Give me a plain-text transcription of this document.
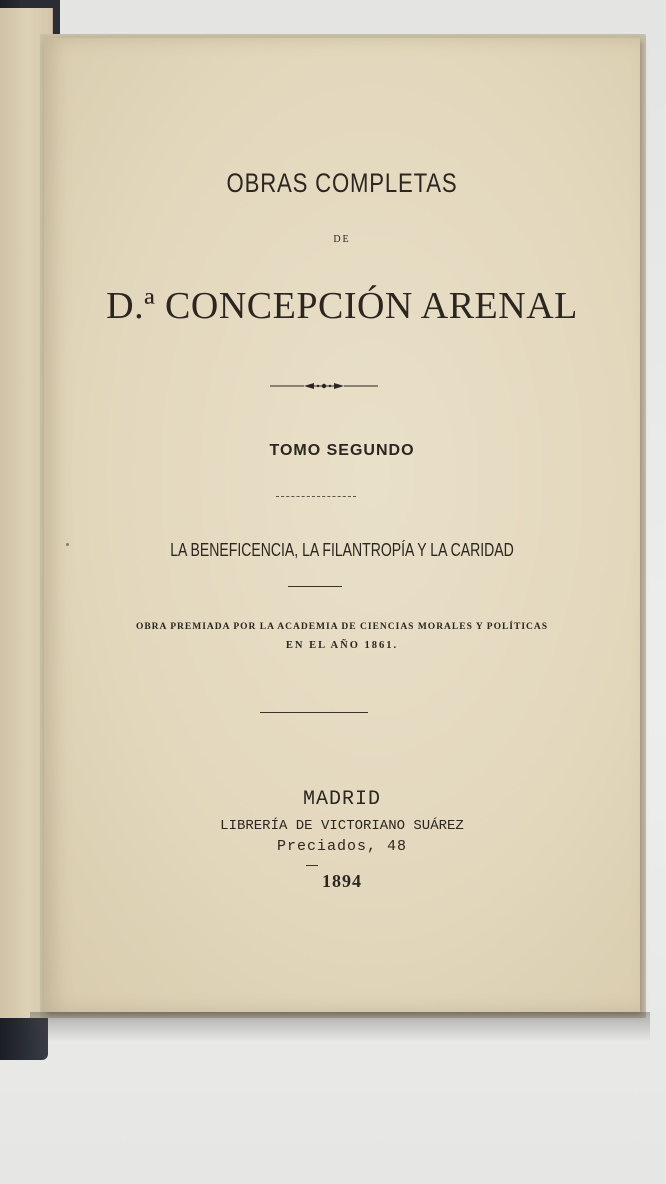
OBRAS COMPLETAS
DE
D.ª CONCEPCIÓN ARENAL
TOMO SEGUNDO
LA BENEFICENCIA, LA FILANTROPÍA Y LA CARIDAD
OBRA PREMIADA POR LA ACADEMIA DE CIENCIAS MORALES Y POLÍTICAS
EN EL AÑO 1861.
MADRID
LIBRERÍA DE VICTORIANO SUÁREZ
Preciados, 48
1894
